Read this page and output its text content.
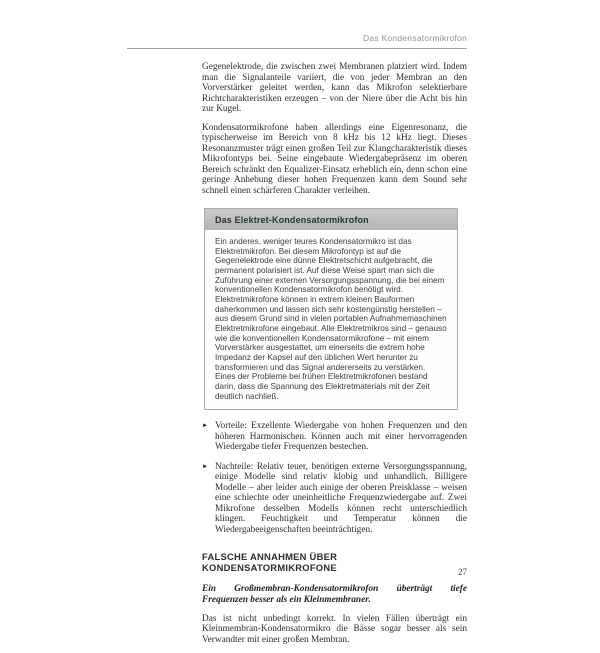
Das Kondensatormikrofon

Gegenelektrode, die zwischen zwei Membranen platziert wird. Indem man die Signalanteile variiert, die von jeder Membran an den Vorverstärker geleitet werden, kann das Mikrofon selektierbare Richtcharakteristiken erzeugen – von der Niere über die Acht bis hin zur Kugel.

Kondensatormikrofone haben allerdings eine Eigenresonanz, die typischerweise im Bereich von 8 kHz bis 12 kHz liegt. Dieses Resonanzmuster trägt einen großen Teil zur Klangcharakteristik dieses Mikrofontyps bei. Seine eingebaute Wiedergabepräsenz im oberen Bereich schränkt den Equalizer-Einsatz erheblich ein, denn schon eine geringe Anhebung dieser hohen Frequenzen kann dem Sound sehr schnell einen schärferen Charakter verleihen.

Das Elektret-Kondensatormikrofon
Ein anderes, weniger teures Kondensatormikro ist das Elektretmikrofon. Bei diesem Mikrofontyp ist auf die Gegenelektrode eine dünne Elektretschicht aufgebracht, die permanent polarisiert ist. Auf diese Weise spart man sich die Zuführung einer externen Versorgungsspannung, die bei einem konventionellen Kondensatormikrofon benötigt wird. Elektretmikrofone können in extrem kleinen Bauformen daherkommen und lassen sich sehr kostengünstig herstellen – aus diesem Grund sind in vielen portablen Aufnahmemaschinen Elektretmikrofone eingebaut. Alle Elektretmikros sind – genauso wie die konventionellen Kondensatormikrofone – mit einem Vorverstärker ausgestattet, um einerseits die extrem hohe Impedanz der Kapsel auf den üblichen Wert herunter zu transformieren und das Signal andererseits zu verstärken. Eines der Probleme bei frühen Elektretmikrofonen bestand darin, dass die Spannung des Elektretmaterials mit der Zeit deutlich nachließ.
► Vorteile: Exzellente Wiedergabe von hohen Frequenzen und den höheren Harmonischen. Können auch mit einer hervorragenden Wiedergabe tiefer Frequenzen bestechen.

► Nachteile: Relativ teuer, benötigen externe Versorgungsspannung, einige Modelle sind relativ klobig und unhandlich. Billigere Modelle – aber leider auch einige der oberen Preisklasse – weisen eine schlechte oder uneinheitliche Frequenzwiedergabe auf. Zwei Mikrofone desselben Modells können recht unterschiedlich klingen. Feuchtigkeit und Temperatur können die Wiedergabeeigenschaften beeinträchtigen.

FALSCHE ANNAHMEN ÜBER KONDENSATORMIKROFONE

Ein Großmembran-Kondensatormikrofon überträgt tiefe Frequenzen besser als ein Kleinmembraner.

Das ist nicht unbedingt korrekt. In vielen Fällen überträgt ein Kleinmembran-Kondensatormikro die Bässe sogar besser als sein Verwandter mit einer großen Membran.

27
